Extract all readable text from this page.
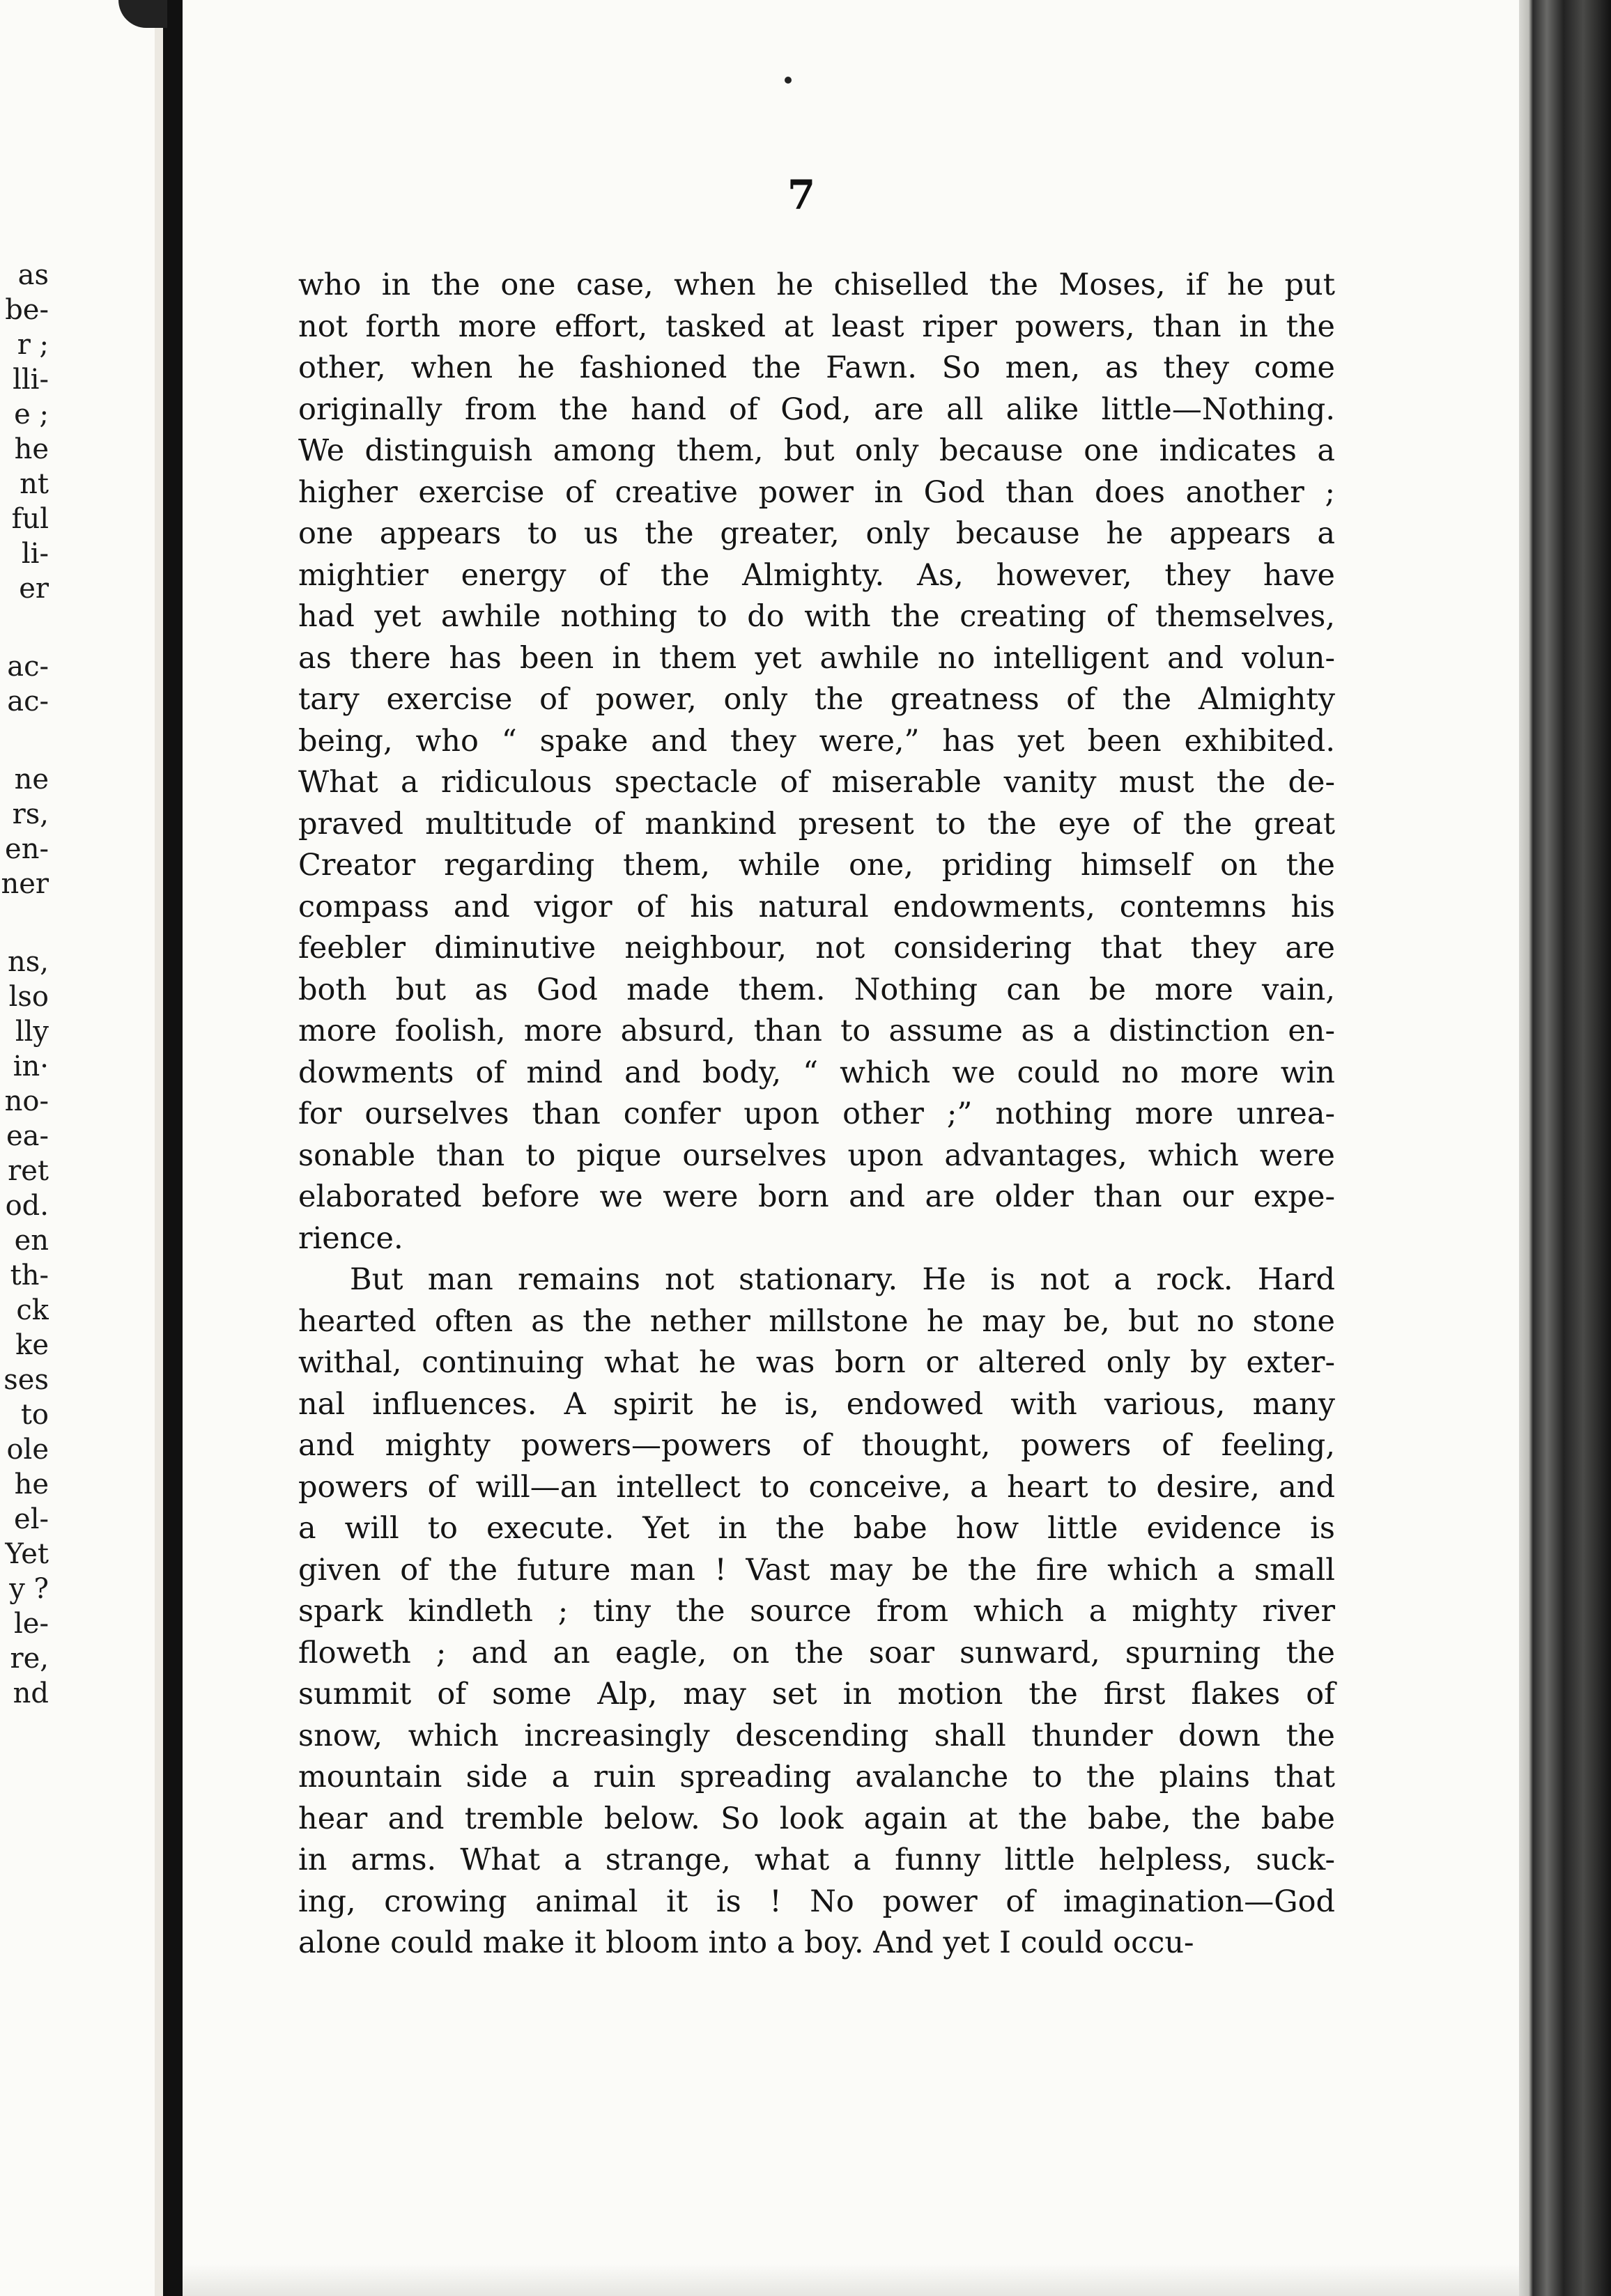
as
be-
r ;
lli-
e ;
he
nt
ful
li-
er
ac-
ac-
ne
rs,
en-
ner
ns,
lso
lly
in·
no-
ea-
ret
od.
en
th-
ck
ke
ses
to
ole
he
el-
Yet
y ?
le-
re,
nd
7

who in the one case, when he chiselled the Moses, if he put
not forth more effort, tasked at least riper powers, than in the
other, when he fashioned the Fawn. So men, as they come
originally from the hand of God, are all alike little—Nothing.
We distinguish among them, but only because one indicates a
higher exercise of creative power in God than does another ;
one appears to us the greater, only because he appears a
mightier energy of the Almighty. As, however, they have
had yet awhile nothing to do with the creating of themselves,
as there has been in them yet awhile no intelligent and volun-
tary exercise of power, only the greatness of the Almighty
being, who “ spake and they were,” has yet been exhibited.
What a ridiculous spectacle of miserable vanity must the de-
praved multitude of mankind present to the eye of the great
Creator regarding them, while one, priding himself on the
compass and vigor of his natural endowments, contemns his
feebler diminutive neighbour, not considering that they are
both but as God made them. Nothing can be more vain,
more foolish, more absurd, than to assume as a distinction en-
dowments of mind and body, “ which we could no more win
for ourselves than confer upon other ;” nothing more unrea-
sonable than to pique ourselves upon advantages, which were
elaborated before we were born and are older than our expe-
rience.

But man remains not stationary. He is not a rock. Hard
hearted often as the nether millstone he may be, but no stone
withal, continuing what he was born or altered only by exter-
nal influences. A spirit he is, endowed with various, many
and mighty powers—powers of thought, powers of feeling,
powers of will—an intellect to conceive, a heart to desire, and
a will to execute. Yet in the babe how little evidence is
given of the future man ! Vast may be the fire which a small
spark kindleth ; tiny the source from which a mighty river
floweth ; and an eagle, on the soar sunward, spurning the
summit of some Alp, may set in motion the first flakes of
snow, which increasingly descending shall thunder down the
mountain side a ruin spreading avalanche to the plains that
hear and tremble below. So look again at the babe, the babe
in arms. What a strange, what a funny little helpless, suck-
ing, crowing animal it is ! No power of imagination—God
alone could make it bloom into a boy. And yet I could occu-
